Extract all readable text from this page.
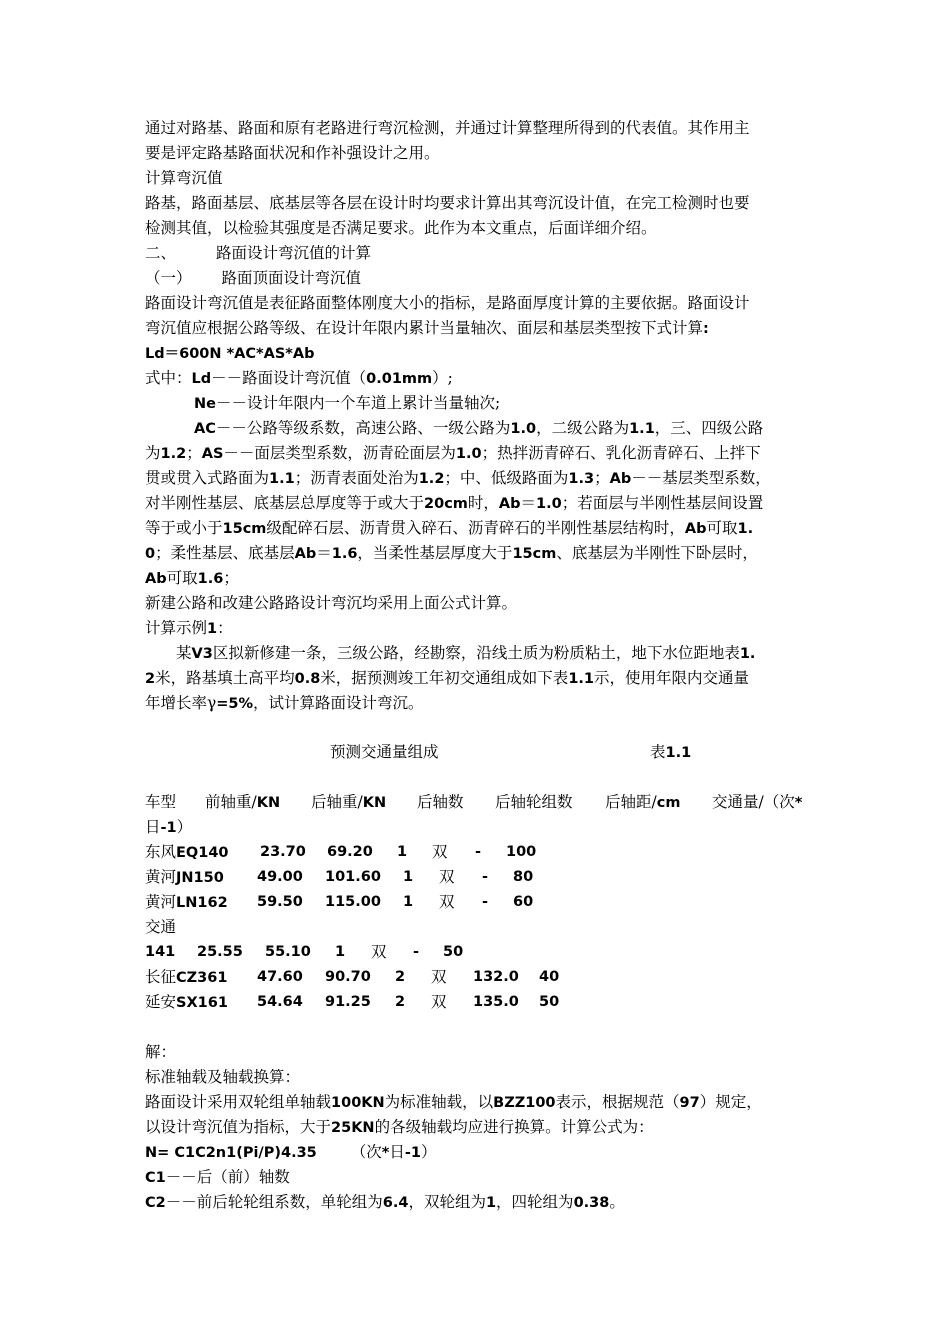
通过对路基、路面和原有老路进行弯沉检测，并通过计算整理所得到的代表值。其作用主
要是评定路基路面状况和作补强设计之用。
计算弯沉值
路基，路面基层、底基层等各层在设计时均要求计算出其弯沉设计值，在完工检测时也要
检测其值，以检验其强度是否满足要求。此作为本文重点，后面详细介绍。
二、	路面设计弯沉值的计算
（一） 路面顶面设计弯沉值
路面设计弯沉值是表征路面整体刚度大小的指标，是路面厚度计算的主要依据。路面设计
弯沉值应根据公路等级、在设计年限内累计当量轴次、面层和基层类型按下式计算:
Ld＝600N *AC*AS*Ab
式中：Ld－－路面设计弯沉值（0.01mm）;
Ne－－设计年限内一个车道上累计当量轴次;
AC－－公路等级系数，高速公路、一级公路为1.0，二级公路为1.1，三、四级公路
为1.2；AS－－面层类型系数，沥青砼面层为1.0；热拌沥青碎石、乳化沥青碎石、上拌下
贯或贯入式路面为1.1；沥青表面处治为1.2；中、低级路面为1.3；Ab－－基层类型系数，
对半刚性基层、底基层总厚度等于或大于20cm时，Ab＝1.0；若面层与半刚性基层间设置
等于或小于15cm级配碎石层、沥青贯入碎石、沥青碎石的半刚性基层结构时，Ab可取1.
0；柔性基层、底基层Ab＝1.6，当柔性基层厚度大于15cm、底基层为半刚性下卧层时，
Ab可取1.6；
新建公路和改建公路路设计弯沉均采用上面公式计算。
计算示例1：
某V3区拟新修建一条，三级公路，经勘察，沿线土质为粉质粘土，地下水位距地表1.
2米，路基填土高平均0.8米，据预测竣工年初交通组成如下表1.1示，使用年限内交通量
年增长率γ=5%，试计算路面设计弯沉。
预测交通量组成	表1.1
车型 前轴重/KN 后轴重/KN 后轴数 后轴轮组数 后轴距/cm 交通量/（次*
日-1）
东风EQ140 23.70 69.20 1 双 - 100
黄河JN150 49.00 101.60 1 双 - 80
黄河LN162 59.50 115.00 1 双 - 60
交通
141 25.55 55.10 1 双 - 50
长征CZ361 47.60 90.70 2 双 132.0 40
延安SX161 54.64 91.25 2 双 135.0 50
解：
标准轴载及轴载换算：
路面设计采用双轮组单轴载100KN为标准轴载，以BZZ100表示，根据规范（97）规定，
以设计弯沉值为指标，大于25KN的各级轴载均应进行换算。计算公式为：
N= C1C2n1(Pi/P)4.35 （次*日-1）
C1－－后（前）轴数
C2－－前后轮轮组系数，单轮组为6.4，双轮组为1，四轮组为0.38。
